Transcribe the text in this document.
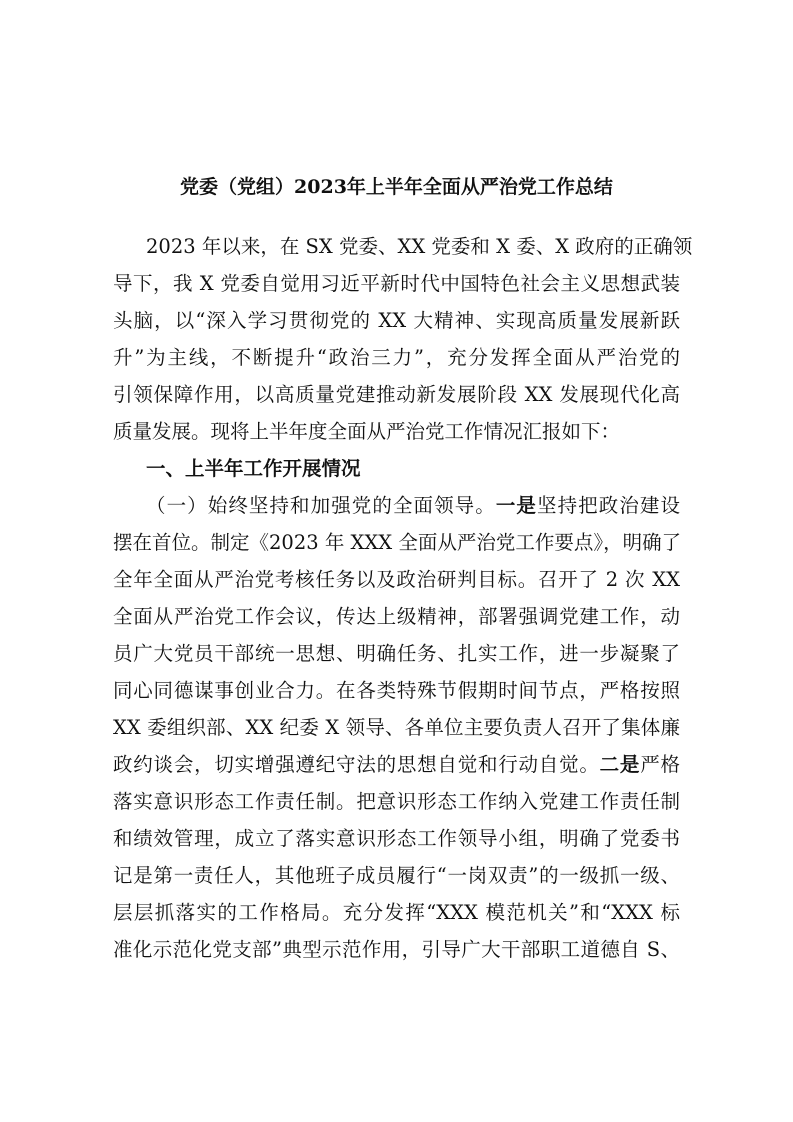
党委（党组）2023年上半年全面从严治党工作总结
2023 年以来，在 SX 党委、XX 党委和 X 委、X 政府的正确领
导下，我 X 党委自觉用习近平新时代中国特色社会主义思想武装
头脑，以“深入学习贯彻党的 XX 大精神、实现高质量发展新跃
升”为主线，不断提升“政治三力”，充分发挥全面从严治党的
引领保障作用，以高质量党建推动新发展阶段 XX 发展现代化高
质量发展。现将上半年度全面从严治党工作情况汇报如下：
一、上半年工作开展情况
（一）始终坚持和加强党的全面领导。一是坚持把政治建设
摆在首位。制定《2023 年 XXX 全面从严治党工作要点》，明确了
全年全面从严治党考核任务以及政治研判目标。召开了 2 次 XX
全面从严治党工作会议，传达上级精神，部署强调党建工作，动
员广大党员干部统一思想、明确任务、扎实工作，进一步凝聚了
同心同德谋事创业合力。在各类特殊节假期时间节点，严格按照
XX 委组织部、XX 纪委 X 领导、各单位主要负责人召开了集体廉
政约谈会，切实增强遵纪守法的思想自觉和行动自觉。二是严格
落实意识形态工作责任制。把意识形态工作纳入党建工作责任制
和绩效管理，成立了落实意识形态工作领导小组，明确了党委书
记是第一责任人，其他班子成员履行“一岗双责”的一级抓一级、
层层抓落实的工作格局。充分发挥“XXX 模范机关”和“XXX 标
准化示范化党支部”典型示范作用，引导广大干部职工道德自 S、
